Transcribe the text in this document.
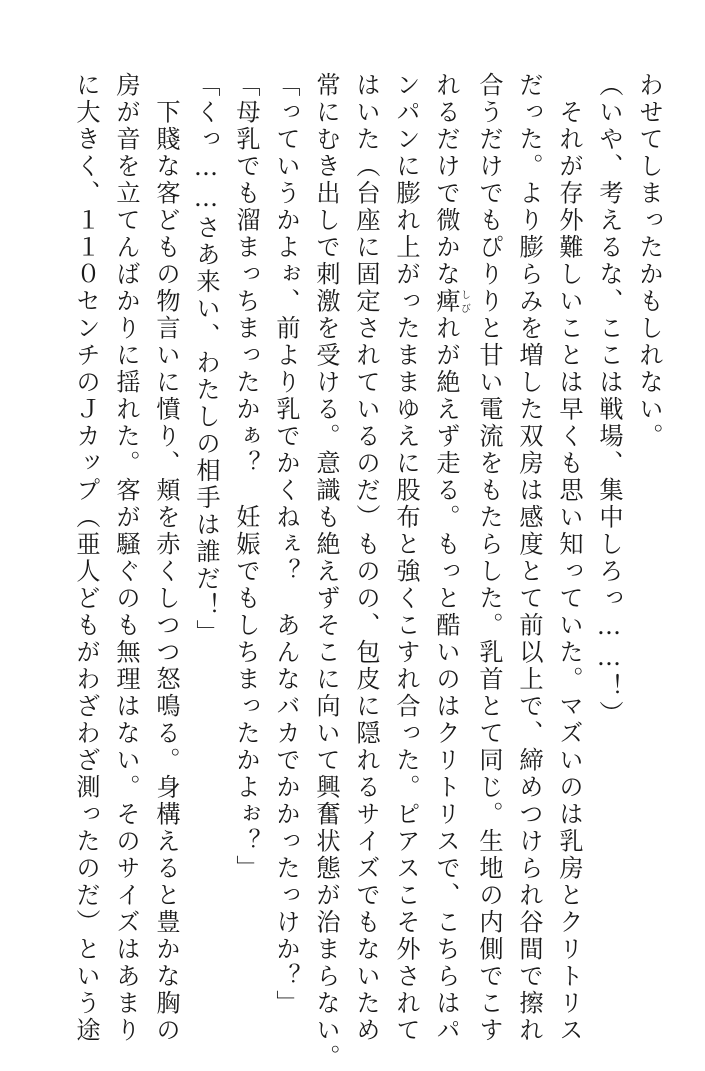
わせてしまったかもしれない。
（いや、考えるな、ここは戦場、集中しろっ……！）
　それが存外難しいことは早くも思い知っていた。マズいのは乳房とクリトリス
だった。より膨らみを増した双房は感度とて前以上で、締めつけられ谷間で擦れ
合うだけでもぴりりと甘い電流をもたらした。乳首とて同じ。生地の内側でこす
れるだけで微かな痺しびれが絶えず走る。もっと酷いのはクリトリスで、こちらはパ
ンパンに膨れ上がったままゆえに股布と強くこすれ合った。ピアスこそ外されて
はいた（台座に固定されているのだ）ものの、包皮に隠れるサイズでもないため
常にむき出しで刺激を受ける。意識も絶えずそこに向いて興奮状態が治まらない。
「っていうかよぉ、前より乳でかくねぇ？　あんなバカでかかったっけか？」
「母乳でも溜まっちまったかぁ？　妊娠でもしちまったかよぉ？」
「くっ……さあ来い、わたしの相手は誰だ！」
　下賤な客どもの物言いに憤り、頬を赤くしつつ怒鳴る。身構えると豊かな胸の
房が音を立てんばかりに揺れた。客が騒ぐのも無理はない。そのサイズはあまり
に大きく、１１０センチのＪカップ（亜人どもがわざわざ測ったのだ）という途
